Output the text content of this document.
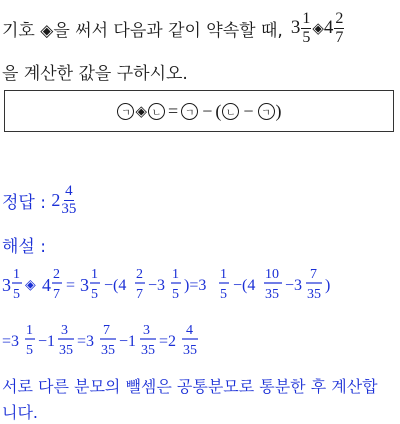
기호 ◈을 써서 다음과 같이 약속할 때, $3 \frac{1}{5}$ ◈ $4 \frac{2}{7}$
을 계산한 값을 구하시오.
ㄱ ◈ ㄴ = ㄱ − ( ㄴ − ㄱ )
정답 : $2 \frac{4}{35}$
해설 :
3
1
5
◈ 4
2
7
= 3
1
5
−(4
2
7
−3
1
5
)=3
1
5
−(4
10
35
−3
7
35
)
=3
1
5
−1
3
35
=3
7
35
−1
3
35
=2
4
35
서로 다른 분모의 뺄셈은 공통분모로 통분한 후 계산합
니다.
